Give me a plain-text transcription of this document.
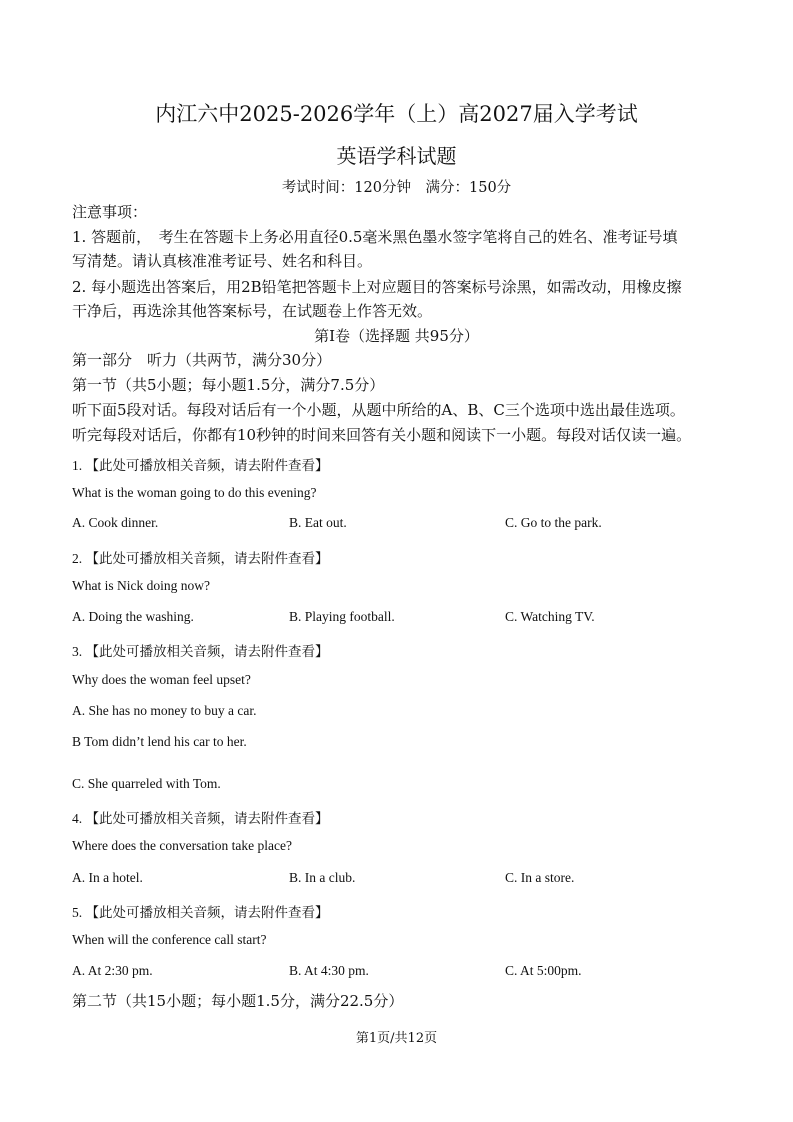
内江六中2025-2026学年（上）高2027届入学考试
英语学科试题
考试时间：120分钟　满分：150分
注意事项：
1. 答题前，　考生在答题卡上务必用直径0.5毫米黑色墨水签字笔将自己的姓名、准考证号填
写清楚。请认真核准准考证号、姓名和科目。
2. 每小题选出答案后，用2B铅笔把答题卡上对应题目的答案标号涂黑，如需改动，用橡皮擦
干净后，再选涂其他答案标号，在试题卷上作答无效。
第Ⅰ卷（选择题 共95分）
第一部分　听力（共两节，满分30分）
第一节（共5小题；每小题1.5分，满分7.5分）
听下面5段对话。每段对话后有一个小题，从题中所给的A、B、C三个选项中选出最佳选项。
听完每段对话后，你都有10秒钟的时间来回答有关小题和阅读下一小题。每段对话仅读一遍。
1. 【此处可播放相关音频，请去附件查看】
What is the woman going to do this evening?
A. Cook dinner.	B. Eat out.	C. Go to the park.
2. 【此处可播放相关音频，请去附件查看】
What is Nick doing now?
A. Doing the washing.	B. Playing football.	C. Watching TV.
3. 【此处可播放相关音频，请去附件查看】
Why does the woman feel upset?
A. She has no money to buy a car.
B Tom didn’t lend his car to her.
C. She quarreled with Tom.
4. 【此处可播放相关音频，请去附件查看】
Where does the conversation take place?
A. In a hotel.	B. In a club.	C. In a store.
5. 【此处可播放相关音频，请去附件查看】
When will the conference call start?
A. At 2:30 pm.	B. At 4:30 pm.	C. At 5:00pm.
第二节（共15小题；每小题1.5分，满分22.5分）
第1页/共12页
